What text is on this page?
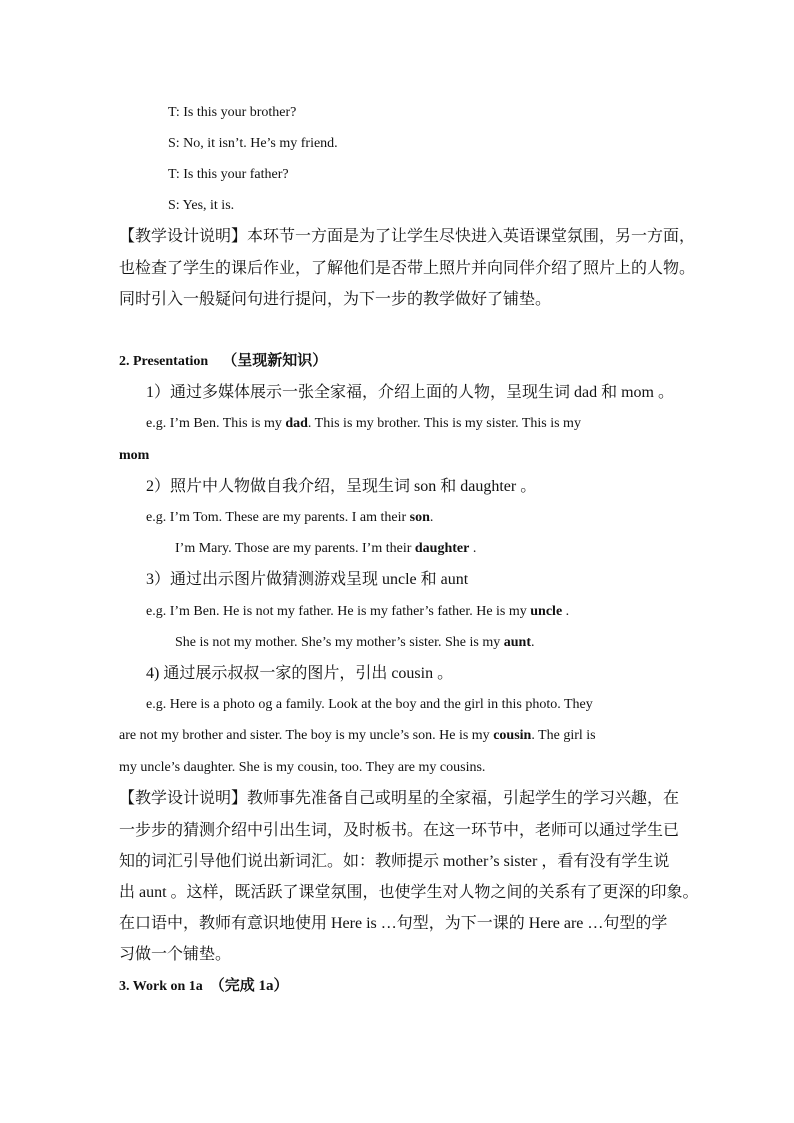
T: Is this your brother?
S: No, it isn’t. He’s my friend.
T: Is this your father?
S: Yes, it is.
【教学设计说明】本环节一方面是为了让学生尽快进入英语课堂氛围，另一方面，
也检查了学生的课后作业，了解他们是否带上照片并向同伴介绍了照片上的人物。
同时引入一般疑问句进行提问，为下一步的教学做好了铺垫。
2. Presentation （呈现新知识）
1）通过多媒体展示一张全家福，介绍上面的人物，呈现生词 dad 和 mom 。
e.g. I’m Ben. This is my dad. This is my brother. This is my sister. This is my
mom
2）照片中人物做自我介绍，呈现生词 son 和 daughter 。
e.g. I’m Tom. These are my parents. I am their son.
I’m Mary. Those are my parents. I’m their daughter .
3）通过出示图片做猜测游戏呈现 uncle 和 aunt
e.g. I’m Ben. He is not my father. He is my father’s father. He is my uncle .
She is not my mother. She’s my mother’s sister. She is my aunt.
4) 通过展示叔叔一家的图片，引出 cousin 。
e.g. Here is a photo og a family. Look at the boy and the girl in this photo. They
are not my brother and sister. The boy is my uncle’s son. He is my cousin. The girl is
my uncle’s daughter. She is my cousin, too. They are my cousins.
【教学设计说明】教师事先准备自己或明星的全家福，引起学生的学习兴趣，在
一步步的猜测介绍中引出生词，及时板书。在这一环节中，老师可以通过学生已
知的词汇引导他们说出新词汇。如：教师提示 mother’s sister ，看有没有学生说
出 aunt 。这样，既活跃了课堂氛围，也使学生对人物之间的关系有了更深的印象。
在口语中，教师有意识地使用 Here is …句型，为下一课的 Here are …句型的学
习做一个铺垫。
3. Work on 1a （完成 1a）
